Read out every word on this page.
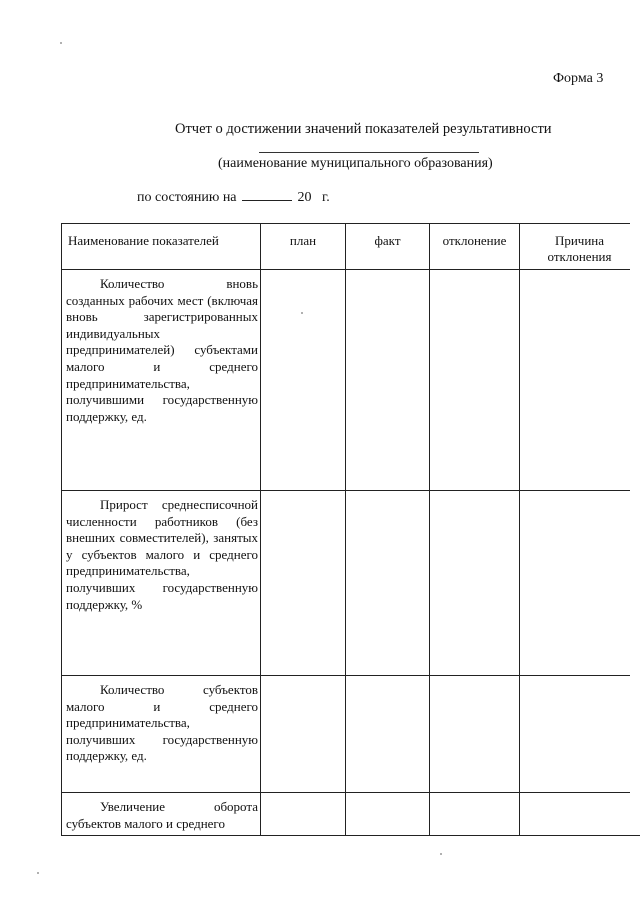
Форма 3
Отчет о достижении значений показателей результативности
(наименование муниципального образования)
по состоянию на	20 г.
Наименование показателей	план	факт	отклонение	Причина отклонения
Количество вновь созданных рабочих мест (включая вновь зарегистрированных индивидуальных предпринимателей) субъектами малого и среднего предпринимательства, получившими государственную поддержку, ед.				
Прирост среднесписочной численности работников (без внешних совместителей), занятых у субъектов малого и среднего предпринимательства, получивших государственную поддержку, %				
Количество субъектов малого и среднего предпринимательства, получивших государственную поддержку, ед.				
Увеличение оборота субъектов малого и среднего				
